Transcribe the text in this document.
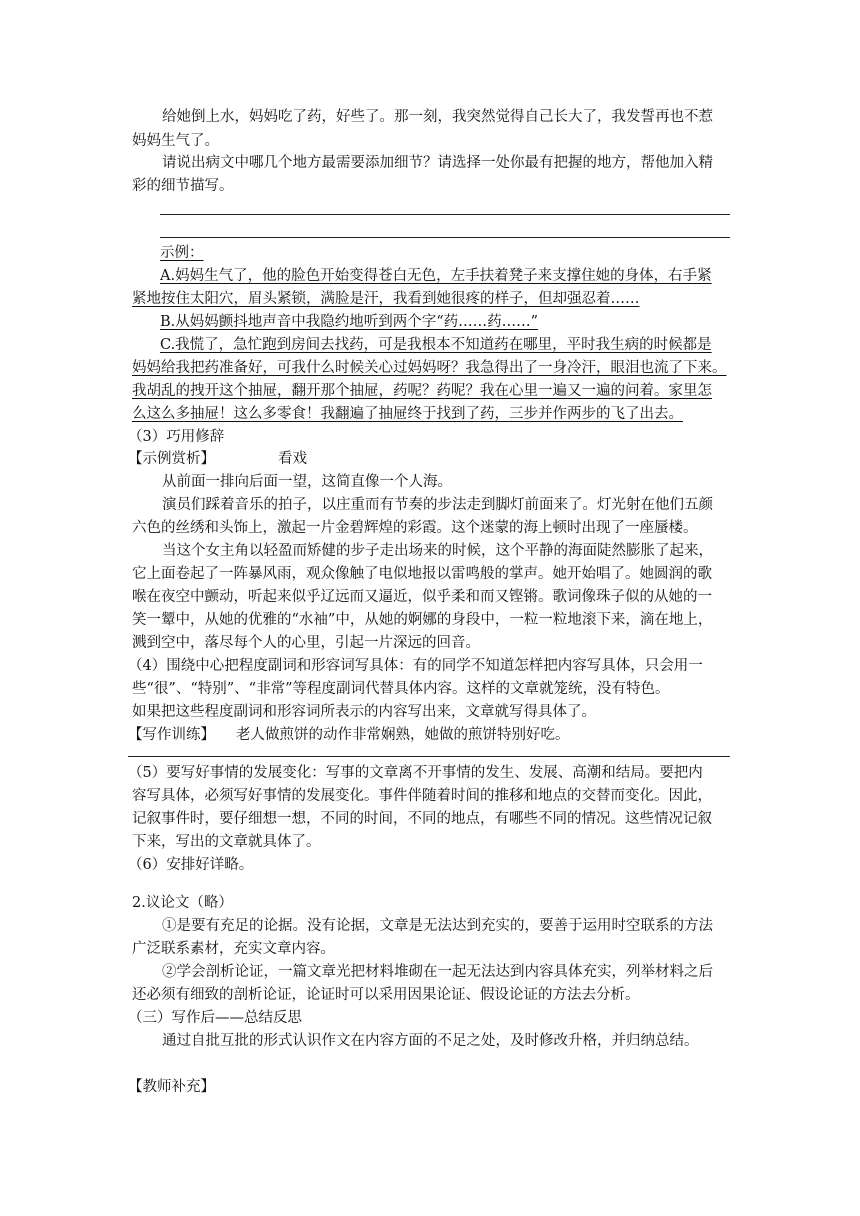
给她倒上水，妈妈吃了药，好些了。那一刻，我突然觉得自己长大了，我发誓再也不惹
妈妈生气了。
请说出病文中哪几个地方最需要添加细节？请选择一处你最有把握的地方，帮他加入精
彩的细节描写。
示例：
A.妈妈生气了，他的脸色开始变得苍白无色，左手扶着凳子来支撑住她的身体，右手紧
紧地按住太阳穴，眉头紧锁，满脸是汗，我看到她很疼的样子，但却强忍着……
B.从妈妈颤抖地声音中我隐约地听到两个字“药……药……”
C.我慌了，急忙跑到房间去找药，可是我根本不知道药在哪里，平时我生病的时候都是
妈妈给我把药准备好，可我什么时候关心过妈妈呀？我急得出了一身冷汗，眼泪也流了下来。
我胡乱的拽开这个抽屉，翻开那个抽屉，药呢？药呢？我在心里一遍又一遍的问着。家里怎
么这么多抽屉！这么多零食！我翻遍了抽屉终于找到了药，三步并作两步的飞了出去。
（3）巧用修辞
【示例赏析】	看戏
从前面一排向后面一望，这简直像一个人海。
演员们踩着音乐的拍子，以庄重而有节奏的步法走到脚灯前面来了。灯光射在他们五颜
六色的丝绣和头饰上，激起一片金碧辉煌的彩霞。这个迷蒙的海上顿时出现了一座蜃楼。
当这个女主角以轻盈而矫健的步子走出场来的时候，这个平静的海面陡然膨胀了起来，
它上面卷起了一阵暴风雨，观众像触了电似地报以雷鸣般的掌声。她开始唱了。她圆润的歌
喉在夜空中颤动，听起来似乎辽远而又逼近，似乎柔和而又铿锵。歌词像珠子似的从她的一
笑一颦中，从她的优雅的“水袖”中，从她的婀娜的身段中，一粒一粒地滚下来，滴在地上，
溅到空中，落尽每个人的心里，引起一片深远的回音。
（4）围绕中心把程度副词和形容词写具体：有的同学不知道怎样把内容写具体，只会用一
些“很”、“特别”、“非常”等程度副词代替具体内容。这样的文章就笼统，没有特色。
如果把这些程度副词和形容词所表示的内容写出来，文章就写得具体了。
【写作训练】 老人做煎饼的动作非常娴熟，她做的煎饼特别好吃。
（5）要写好事情的发展变化：写事的文章离不开事情的发生、发展、高潮和结局。要把内
容写具体，必须写好事情的发展变化。事件伴随着时间的推移和地点的交替而变化。因此，
记叙事件时，要仔细想一想，不同的时间，不同的地点，有哪些不同的情况。这些情况记叙
下来，写出的文章就具体了。
（6）安排好详略。
2.议论文（略）
①是要有充足的论据。没有论据，文章是无法达到充实的，要善于运用时空联系的方法
广泛联系素材，充实文章内容。
②学会剖析论证，一篇文章光把材料堆砌在一起无法达到内容具体充实，列举材料之后
还必须有细致的剖析论证，论证时可以采用因果论证、假设论证的方法去分析。
（三）写作后——总结反思
通过自批互批的形式认识作文在内容方面的不足之处，及时修改升格，并归纳总结。
【教师补充】
